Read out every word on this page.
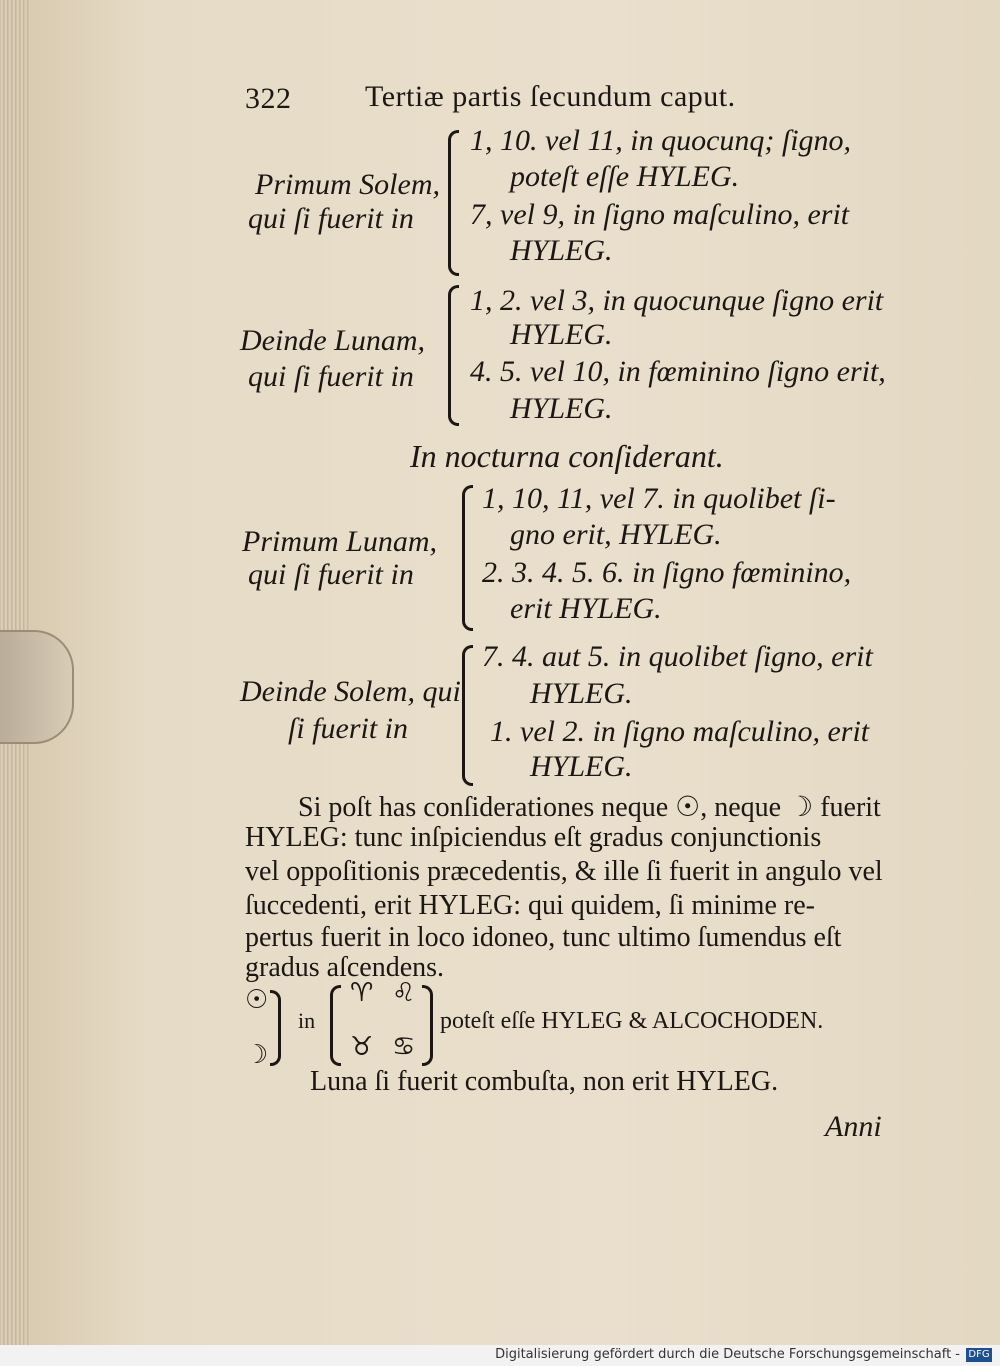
322 Tertiæ partis ſecundum caput.
Primum Solem,
qui ſi fuerit in
1, 10. vel 11, in quocunq; ſigno,
poteſt eſſe HYLEG.
7, vel 9, in ſigno maſculino, erit
HYLEG.
Deinde Lunam,
qui ſi fuerit in
1, 2. vel 3, in quocunque ſigno erit
HYLEG.
4. 5. vel 10, in fœminino ſigno erit,
HYLEG.
In nocturna conſiderant.
Primum Lunam,
qui ſi fuerit in
1, 10, 11, vel 7. in quolibet ſi-
gno erit, HYLEG.
2. 3. 4. 5. 6. in ſigno fœminino,
erit HYLEG.
Deinde Solem, qui
ſi fuerit in
7. 4. aut 5. in quolibet ſigno, erit
HYLEG.
1. vel 2. in ſigno maſculino, erit
HYLEG.
Si poſt has conſiderationes neque ☉, neque ☽ fuerit
HYLEG: tunc inſpiciendus eſt gradus conjunctionis
vel oppoſitionis præcedentis, & ille ſi fuerit in angulo vel
ſuccedenti, erit HYLEG: qui quidem, ſi minime re-
pertus fuerit in loco idoneo, tunc ultimo ſumendus eſt
gradus aſcendens.
☉
☽
in
♈ ♌
♉ ♋
poteſt eſſe HYLEG & ALCOCHODEN.
Luna ſi fuerit combuſta, non erit HYLEG.
Anni
Digitalisierung gefördert durch die Deutsche Forschungsgemeinschaft - DFG
